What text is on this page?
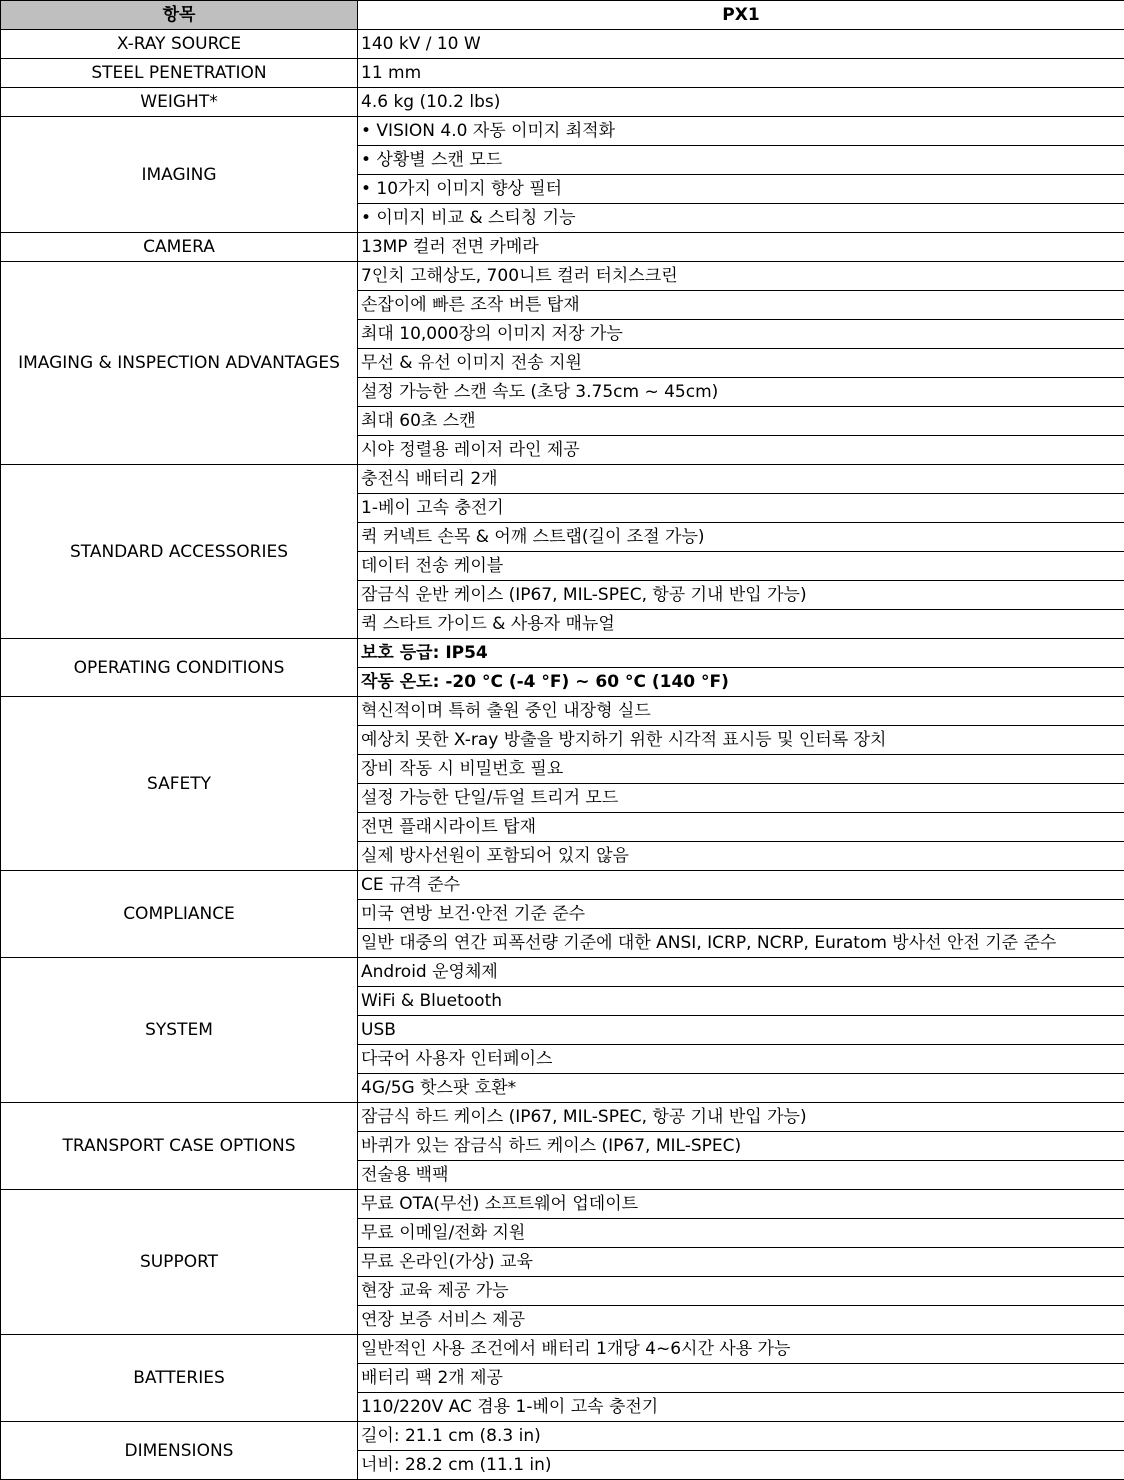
항목	PX1
X-RAY SOURCE	140 kV / 10 W
STEEL PENETRATION	11 mm
WEIGHT*	4.6 kg (10.2 lbs)
IMAGING	• VISION 4.0 자동 이미지 최적화
	• 상황별 스캔 모드
	• 10가지 이미지 향상 필터
	• 이미지 비교 & 스티칭 기능
CAMERA	13MP 컬러 전면 카메라
IMAGING & INSPECTION ADVANTAGES	7인치 고해상도, 700니트 컬러 터치스크린
	손잡이에 빠른 조작 버튼 탑재
	최대 10,000장의 이미지 저장 가능
	무선 & 유선 이미지 전송 지원
	설정 가능한 스캔 속도 (초당 3.75cm ~ 45cm)
	최대 60초 스캔
	시야 정렬용 레이저 라인 제공
STANDARD ACCESSORIES	충전식 배터리 2개
	1-베이 고속 충전기
	퀵 커넥트 손목 & 어깨 스트랩(길이 조절 가능)
	데이터 전송 케이블
	잠금식 운반 케이스 (IP67, MIL-SPEC, 항공 기내 반입 가능)
	퀵 스타트 가이드 & 사용자 매뉴얼
OPERATING CONDITIONS	보호 등급: IP54
	작동 온도: -20 °C (-4 °F) ~ 60 °C (140 °F)
SAFETY	혁신적이며 특허 출원 중인 내장형 실드
	예상치 못한 X-ray 방출을 방지하기 위한 시각적 표시등 및 인터록 장치
	장비 작동 시 비밀번호 필요
	설정 가능한 단일/듀얼 트리거 모드
	전면 플래시라이트 탑재
	실제 방사선원이 포함되어 있지 않음
COMPLIANCE	CE 규격 준수
	미국 연방 보건·안전 기준 준수
	일반 대중의 연간 피폭선량 기준에 대한 ANSI, ICRP, NCRP, Euratom 방사선 안전 기준 준수
SYSTEM	Android 운영체제
	WiFi & Bluetooth
	USB
	다국어 사용자 인터페이스
	4G/5G 핫스팟 호환*
TRANSPORT CASE OPTIONS	잠금식 하드 케이스 (IP67, MIL-SPEC, 항공 기내 반입 가능)
	바퀴가 있는 잠금식 하드 케이스 (IP67, MIL-SPEC)
	전술용 백팩
SUPPORT	무료 OTA(무선) 소프트웨어 업데이트
	무료 이메일/전화 지원
	무료 온라인(가상) 교육
	현장 교육 제공 가능
	연장 보증 서비스 제공
BATTERIES	일반적인 사용 조건에서 배터리 1개당 4~6시간 사용 가능
	배터리 팩 2개 제공
	110/220V AC 겸용 1-베이 고속 충전기
DIMENSIONS	길이: 21.1 cm (8.3 in)
	너비: 28.2 cm (11.1 in)
